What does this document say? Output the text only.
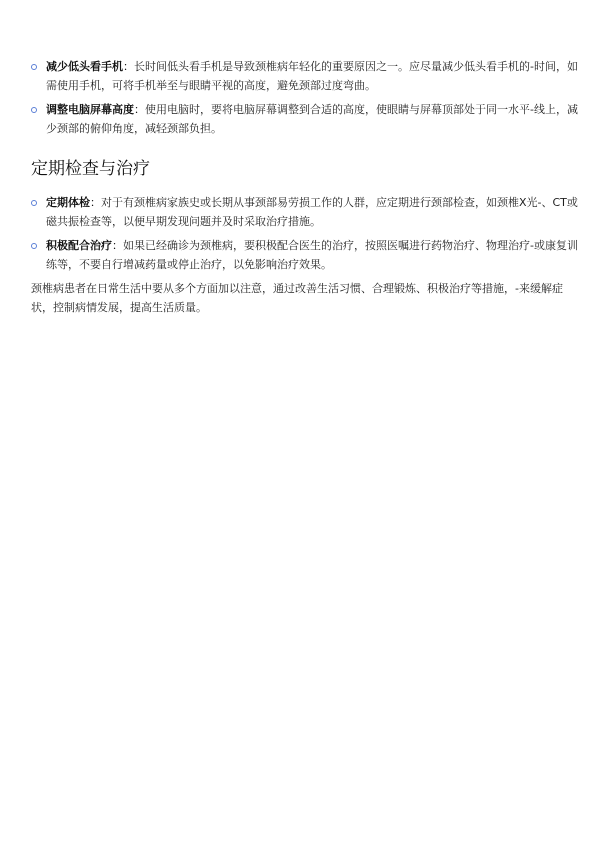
减少低头看手机：长时间低头看手机是导致颈椎病年轻化的重要原因之一。应尽量减少低头看手机的-时间，如需使用手机，可将手机举至与眼睛平视的高度，避免颈部过度弯曲。
调整电脑屏幕高度：使用电脑时，要将电脑屏幕调整到合适的高度，使眼睛与屏幕顶部处于同一水平-线上，减少颈部的俯仰角度，减轻颈部负担。
定期检查与治疗
定期体检：对于有颈椎病家族史或长期从事颈部易劳损工作的人群，应定期进行颈部检查，如颈椎X光-、CT或磁共振检查等，以便早期发现问题并及时采取治疗措施。
积极配合治疗：如果已经确诊为颈椎病，要积极配合医生的治疗，按照医嘱进行药物治疗、物理治疗-或康复训练等，不要自行增减药量或停止治疗，以免影响治疗效果。

颈椎病患者在日常生活中要从多个方面加以注意，通过改善生活习惯、合理锻炼、积极治疗等措施，-来缓解症状，控制病情发展，提高生活质量。
